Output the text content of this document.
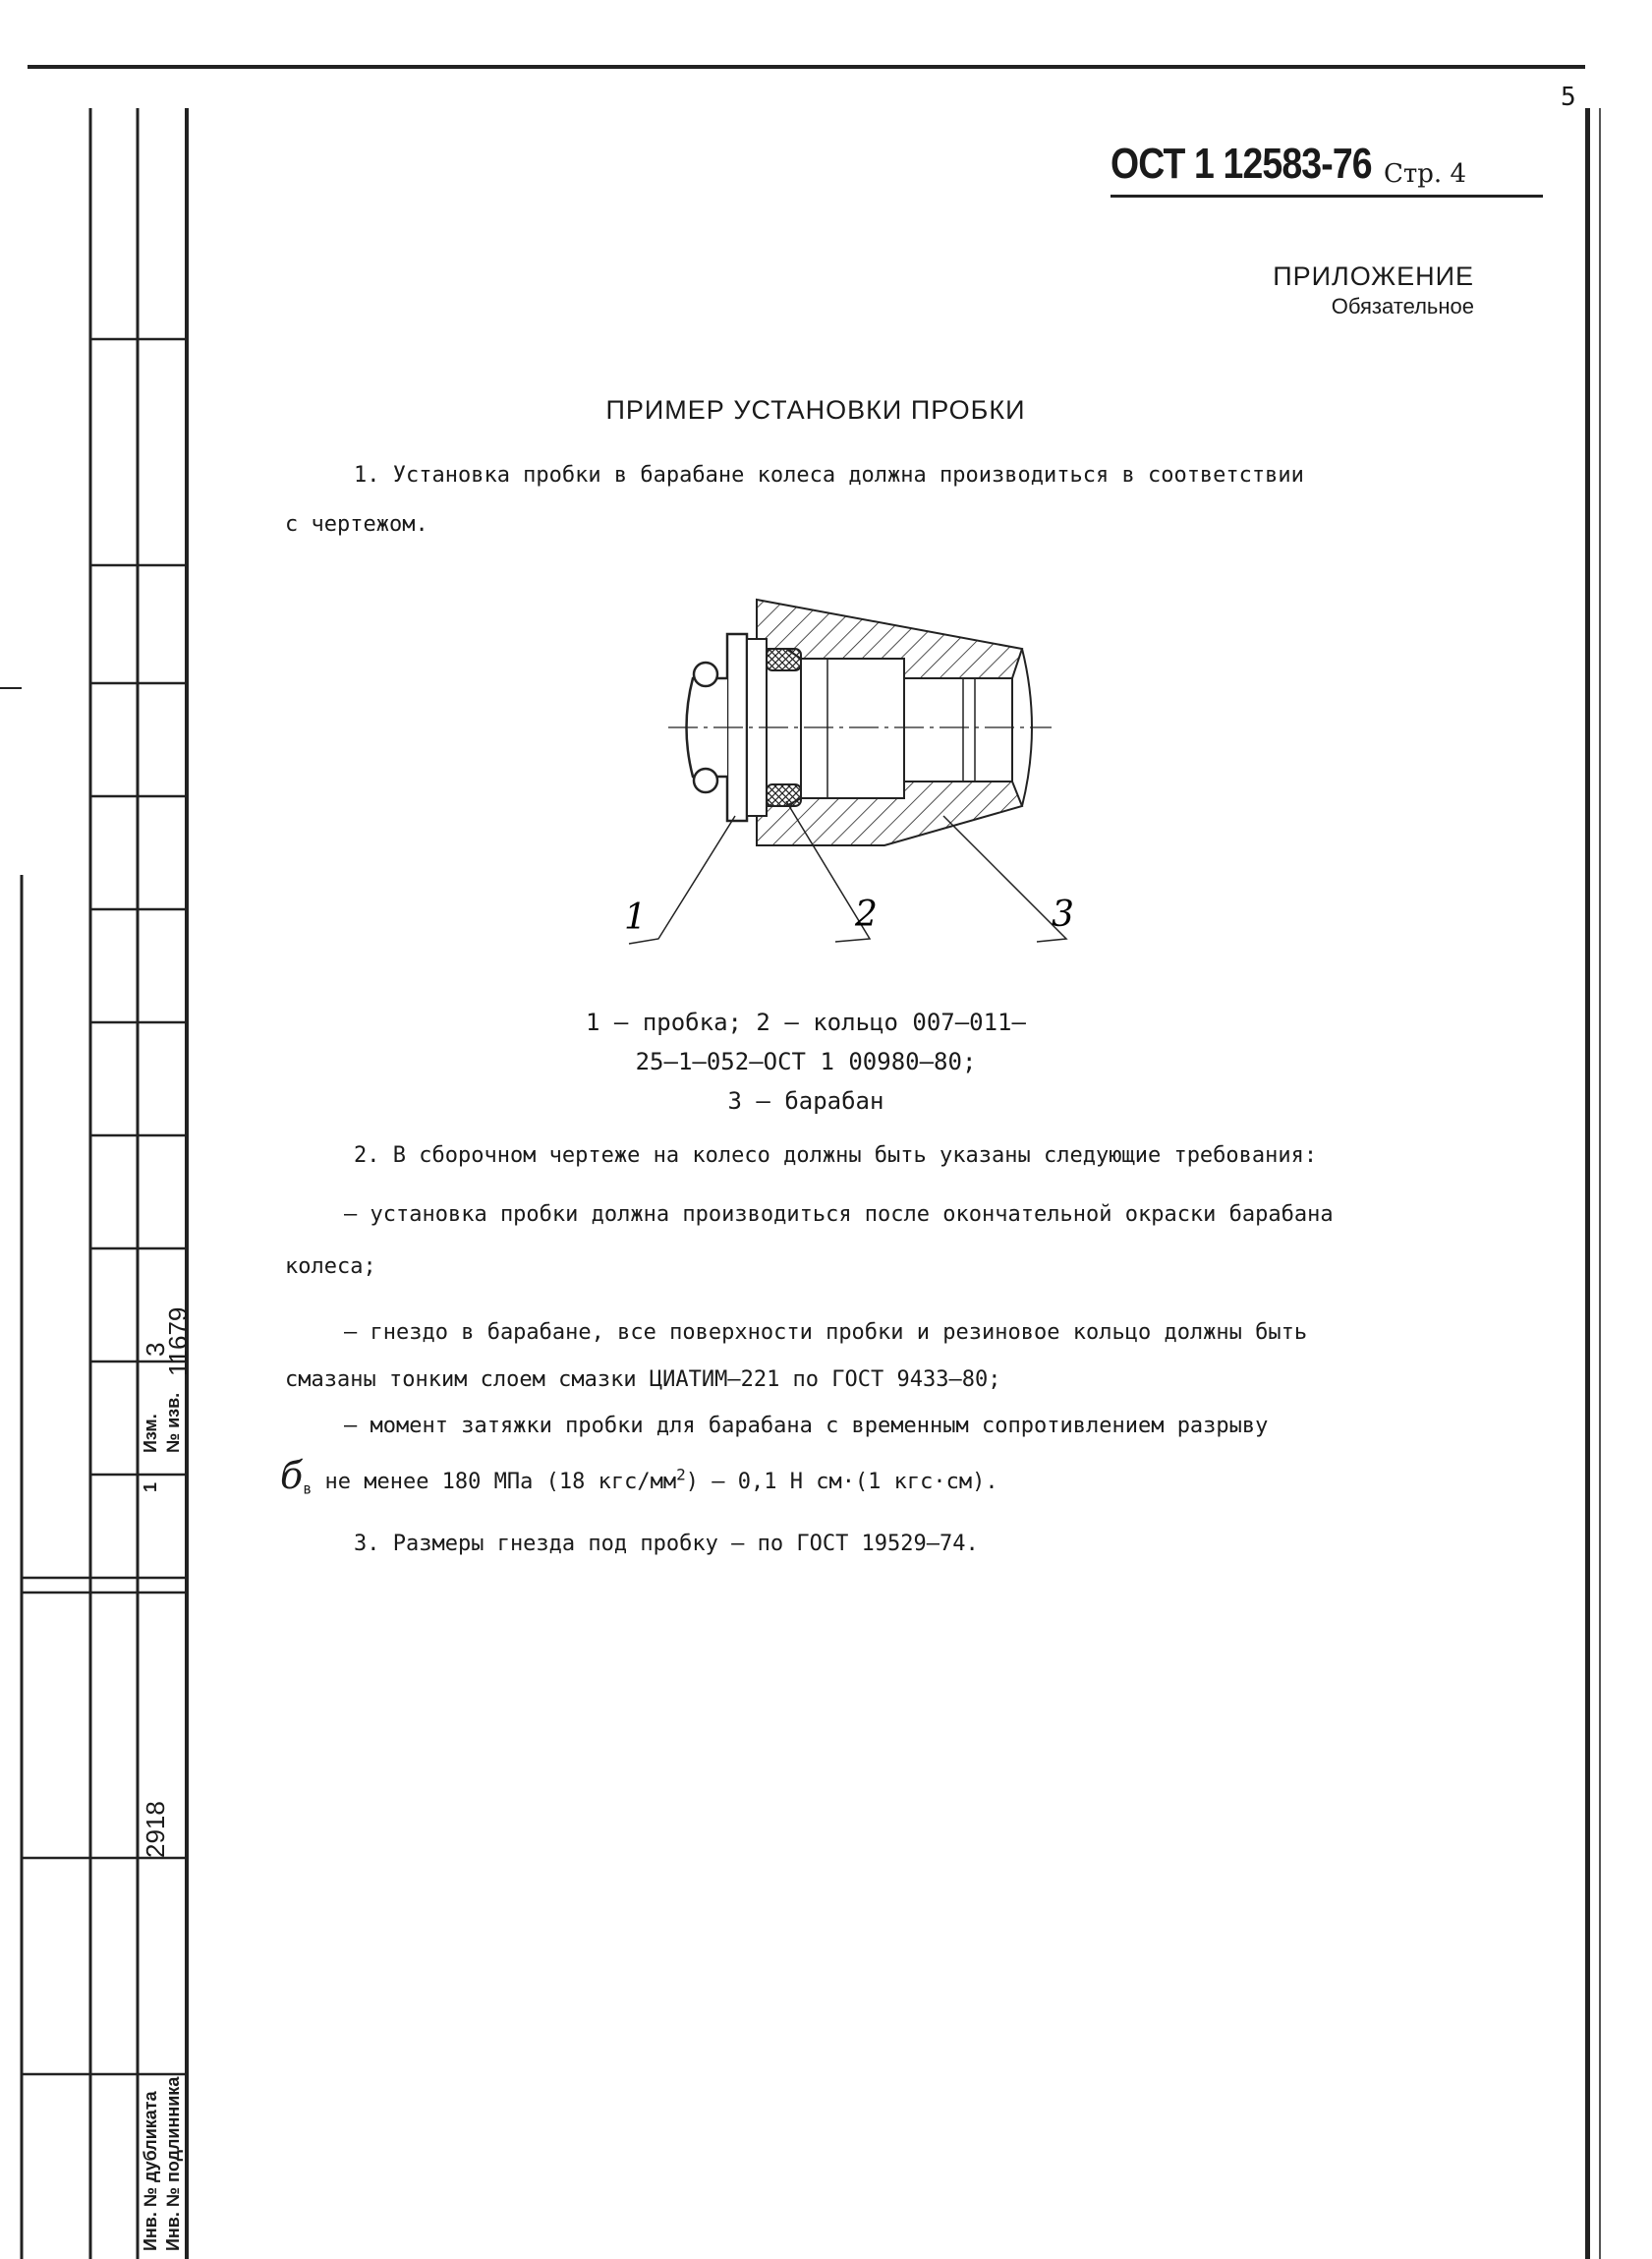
5
ОСТ 1 12583-76 Стр. 4
ПРИЛОЖЕНИЕ
Обязательное
ПРИМЕР УСТАНОВКИ ПРОБКИ
1. Установка пробки в барабане колеса должна производиться в соответствии
с чертежом.
1	2	3
1 – пробка; 2 – кольцо 007–011–
25–1–052–ОСТ 1 00980–80;
3 – барабан
2. В сборочном чертеже на колесо должны быть указаны следующие требования:
– установка пробки должна производиться после окончательной окраски барабана
колеса;
– гнездо в барабане, все поверхности пробки и резиновое кольцо должны быть
смазаны тонким слоем смазки ЦИАТИМ–221 по ГОСТ 9433–80;
– момент затяжки пробки для барабана с временным сопротивлением разрыву
$б_в$ не менее 180 МПа (18 кгс/$мм^2) - 0,1$ Н см·(1 кгс·см).
3. Размеры гнезда под пробку – по ГОСТ 19529–74.
3
11679
Изм.
1
№ изв.
2918
Инв. № дубликата Инв. № подлинника
